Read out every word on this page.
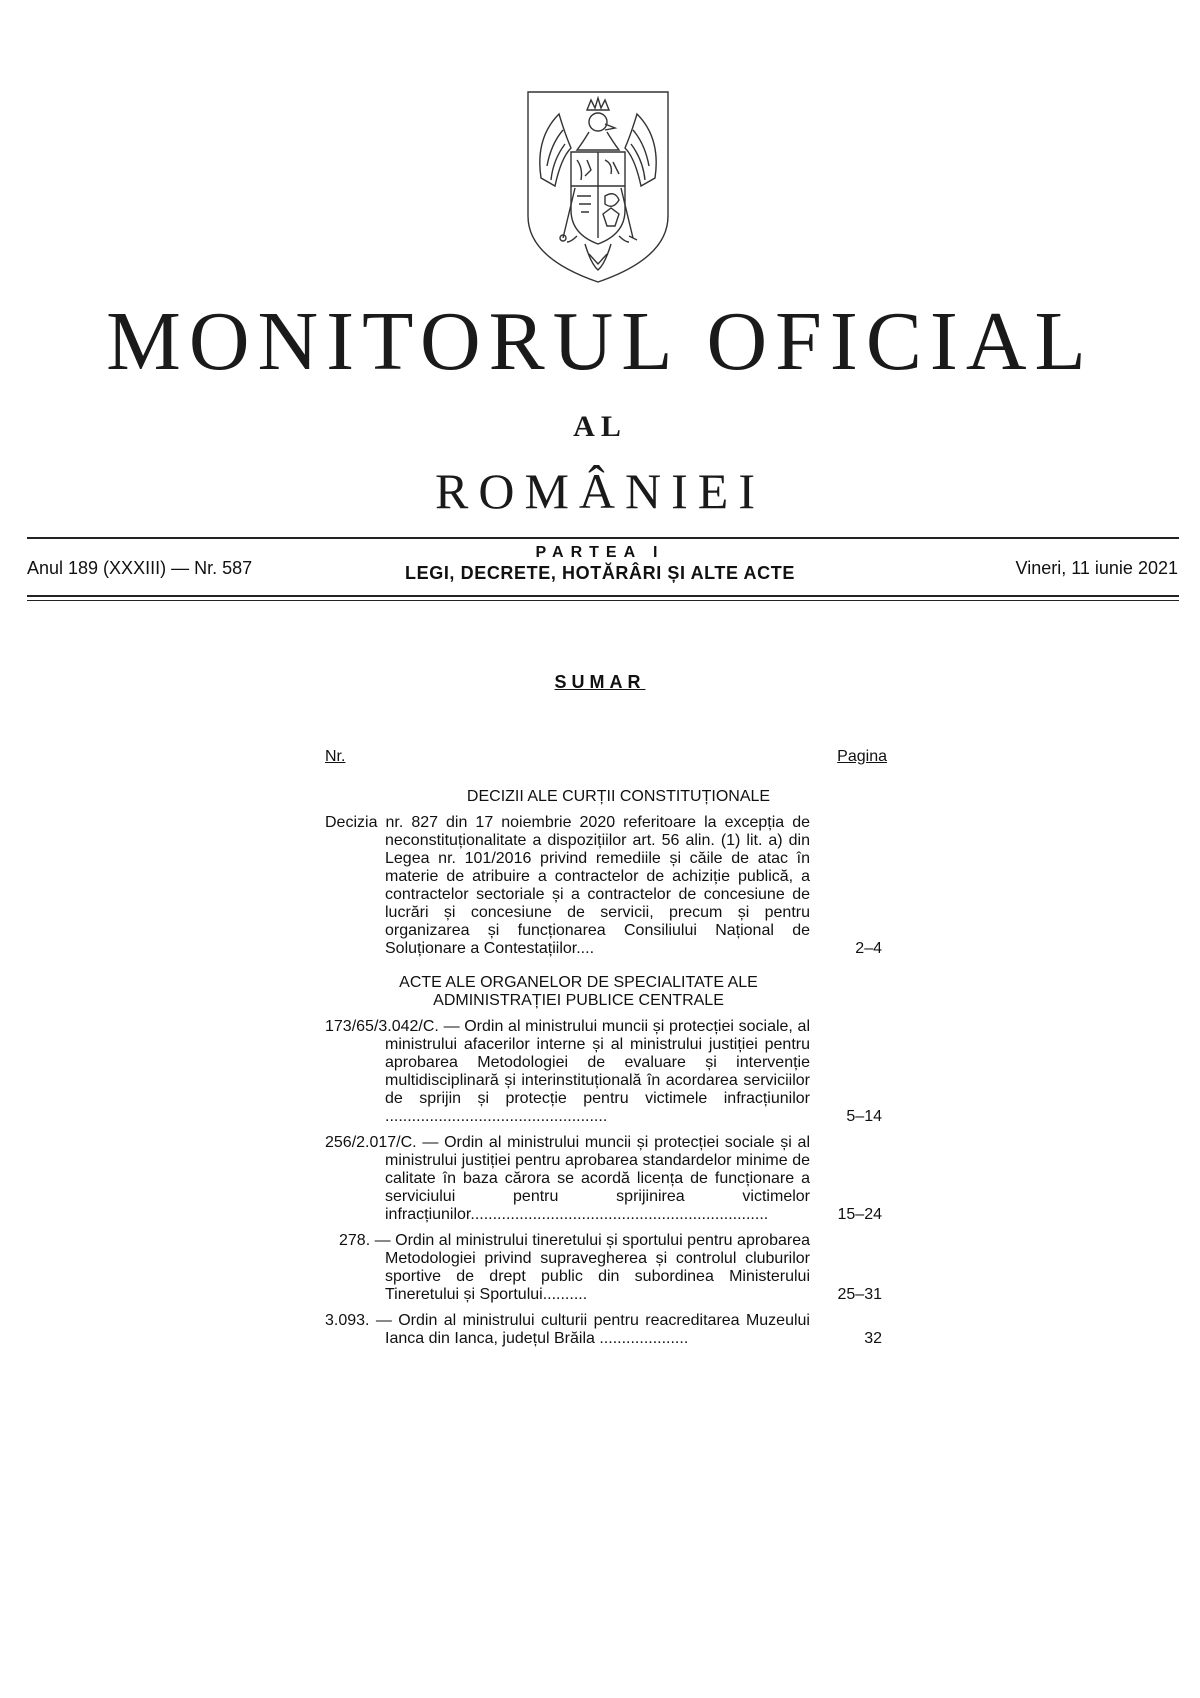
MONITORUL OFICIAL
AL
ROMÂNIEI
Anul 189 (XXXIII) — Nr. 587
PARTEA I
LEGI, DECRETE, HOTĂRÂRI ȘI ALTE ACTE	Vineri, 11 iunie 2021
SUMAR
Nr.	Pagina
DECIZII ALE CURȚII CONSTITUȚIONALE
Decizia nr. 827 din 17 noiembrie 2020 referitoare la excepția de neconstituționalitate a dispozițiilor art. 56 alin. (1) lit. a) din Legea nr. 101/2016 privind remediile și căile de atac în materie de atribuire a contractelor de achiziție publică, a contractelor sectoriale și a contractelor de concesiune de lucrări și concesiune de servicii, precum și pentru organizarea și funcționarea Consiliului Național de Soluționare a Contestațiilor....	2–4
ACTE ALE ORGANELOR DE SPECIALITATE ALE ADMINISTRAȚIEI PUBLICE CENTRALE
173/65/3.042/C. — Ordin al ministrului muncii și protecției sociale, al ministrului afacerilor interne și al ministrului justiției pentru aprobarea Metodologiei de evaluare și intervenție multidisciplinară și interinstituțională în acordarea serviciilor de sprijin și protecție pentru victimele infracțiunilor ..................................................	5–14
256/2.017/C. — Ordin al ministrului muncii și protecției sociale și al ministrului justiției pentru aprobarea standardelor minime de calitate în baza cărora se acordă licența de funcționare a serviciului pentru sprijinirea victimelor infracțiunilor...................................................................	15–24
278. — Ordin al ministrului tineretului și sportului pentru aprobarea Metodologiei privind supravegherea și controlul cluburilor sportive de drept public din subordinea Ministerului Tineretului și Sportului..........	25–31
3.093. — Ordin al ministrului culturii pentru reacreditarea Muzeului Ianca din Ianca, județul Brăila ....................	32
